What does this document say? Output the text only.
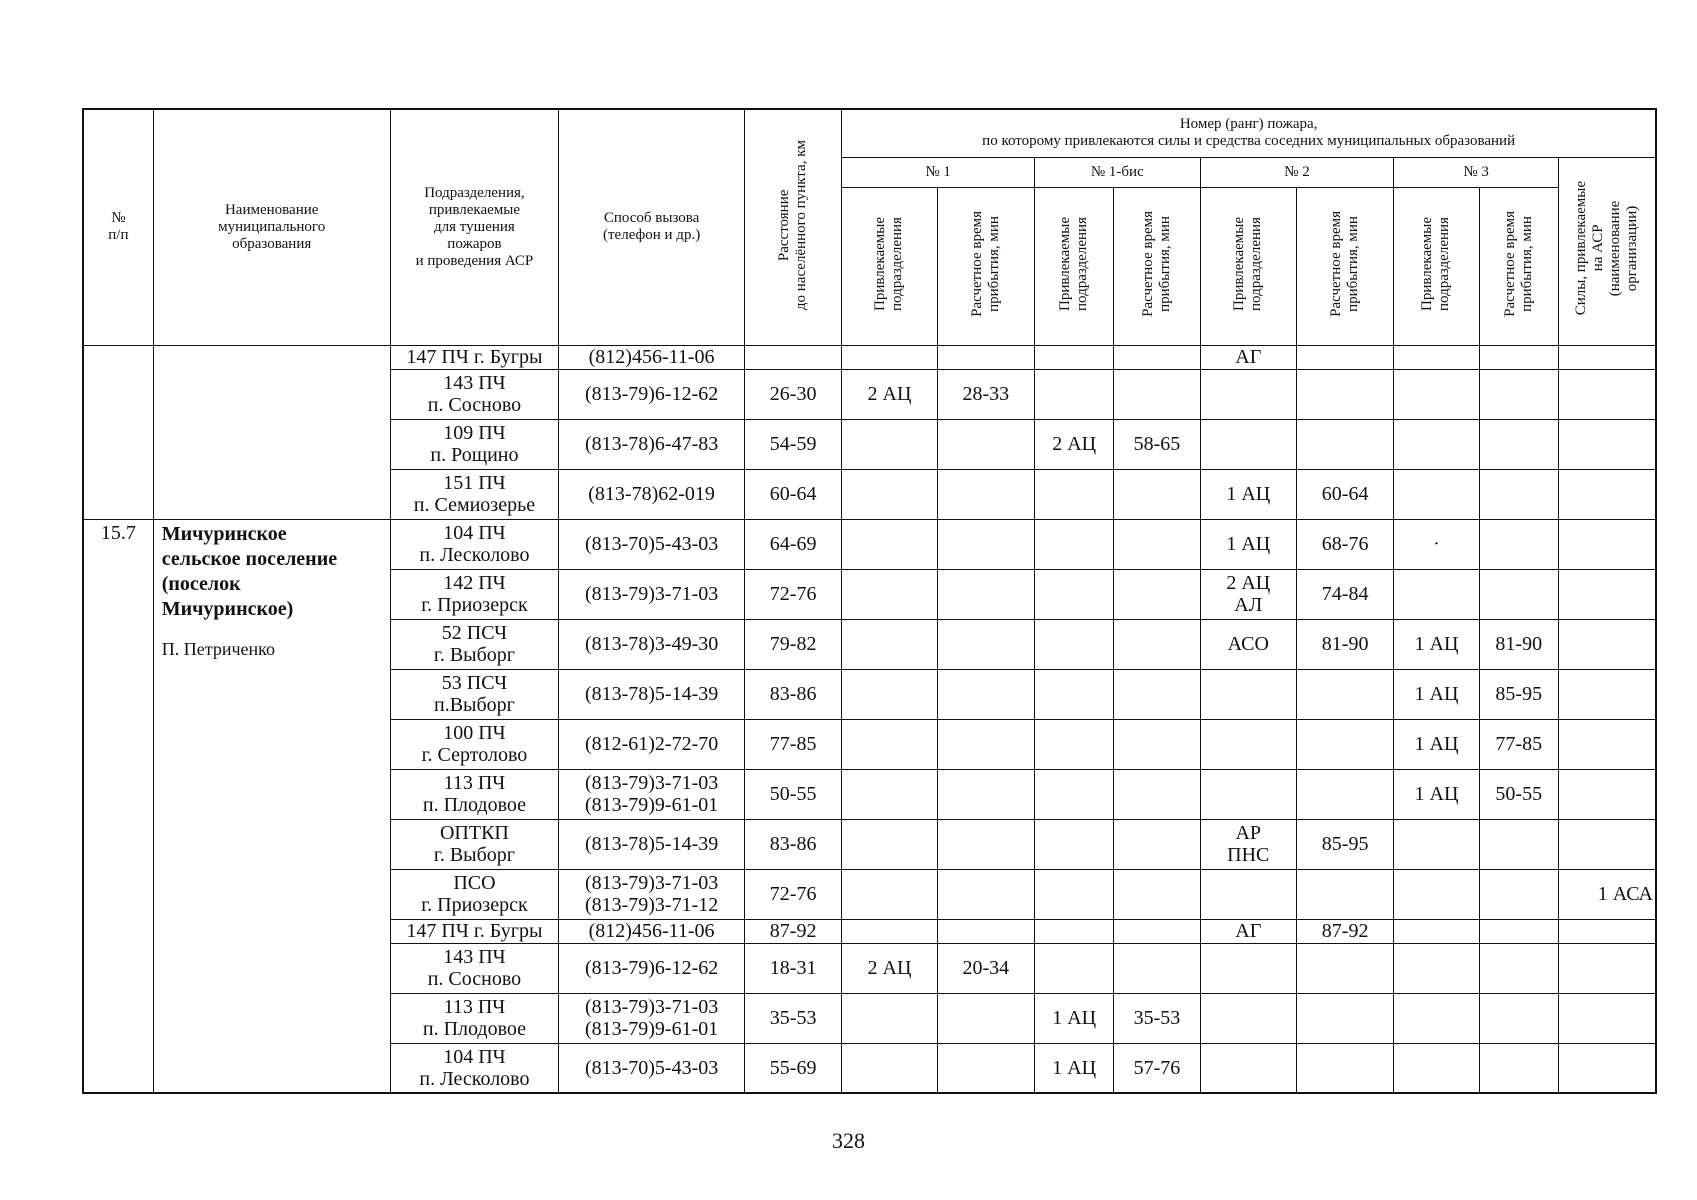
№
п/п	Наименование
муниципального
образования	Подразделения,
привлекаемые
для тушения
пожаров
и проведения АСР	Способ вызова
(телефон и др.)	Расстояние
до населённого пункта, км	Номер (ранг) пожара,
по которому привлекаются силы и средства соседних муниципальных образований								
					№ 1		№ 1-бис		№ 2		№ 3		Силы, привлекаемые
на АСР
(наименование
организации)
					Привлекаемые
подразделения	Расчетное время
прибытия, мин	Привлекаемые
подразделения	Расчетное время
прибытия, мин	Привлекаемые
подразделения	Расчетное время
прибытия, мин	Привлекаемые
подразделения	Расчетное время
прибытия, мин	
		147 ПЧ г. Бугры	(812)456-11-06						АГ				
		143 ПЧ
п. Сосново	(813-79)6-12-62	26-30	2 АЦ	28-33							
		109 ПЧ
п. Рощино	(813-78)6-47-83	54-59			2 АЦ	58-65					
		151 ПЧ
п. Семиозерье	(813-78)62-019	60-64					1 АЦ	60-64			
15.7	Мичуринское
сельское поселение
(поселок
Мичуринское)
П. Петриченко	104 ПЧ
п. Лесколово	(813-70)5-43-03	64-69					1 АЦ	68-76	·		
		142 ПЧ
г. Приозерск	(813-79)3-71-03	72-76					2 АЦ
АЛ	74-84			
		52 ПСЧ
г. Выборг	(813-78)3-49-30	79-82					АСО	81-90	1 АЦ	81-90	
		53 ПСЧ
п.Выборг	(813-78)5-14-39	83-86							1 АЦ	85-95	
		100 ПЧ
г. Сертолово	(812-61)2-72-70	77-85							1 АЦ	77-85	
		113 ПЧ
п. Плодовое	(813-79)3-71-03
(813-79)9-61-01	50-55							1 АЦ	50-55	
		ОПТКП
г. Выборг	(813-78)5-14-39	83-86					АР
ПНС	85-95			
		ПСО
г. Приозерск	(813-79)3-71-03
(813-79)3-71-12	72-76									1 АСА
		147 ПЧ г. Бугры	(812)456-11-06	87-92					АГ	87-92			
		143 ПЧ
п. Сосново	(813-79)6-12-62	18-31	2 АЦ	20-34							
		113 ПЧ
п. Плодовое	(813-79)3-71-03
(813-79)9-61-01	35-53			1 АЦ	35-53					
		104 ПЧ
п. Лесколово	(813-70)5-43-03	55-69			1 АЦ	57-76					
328
